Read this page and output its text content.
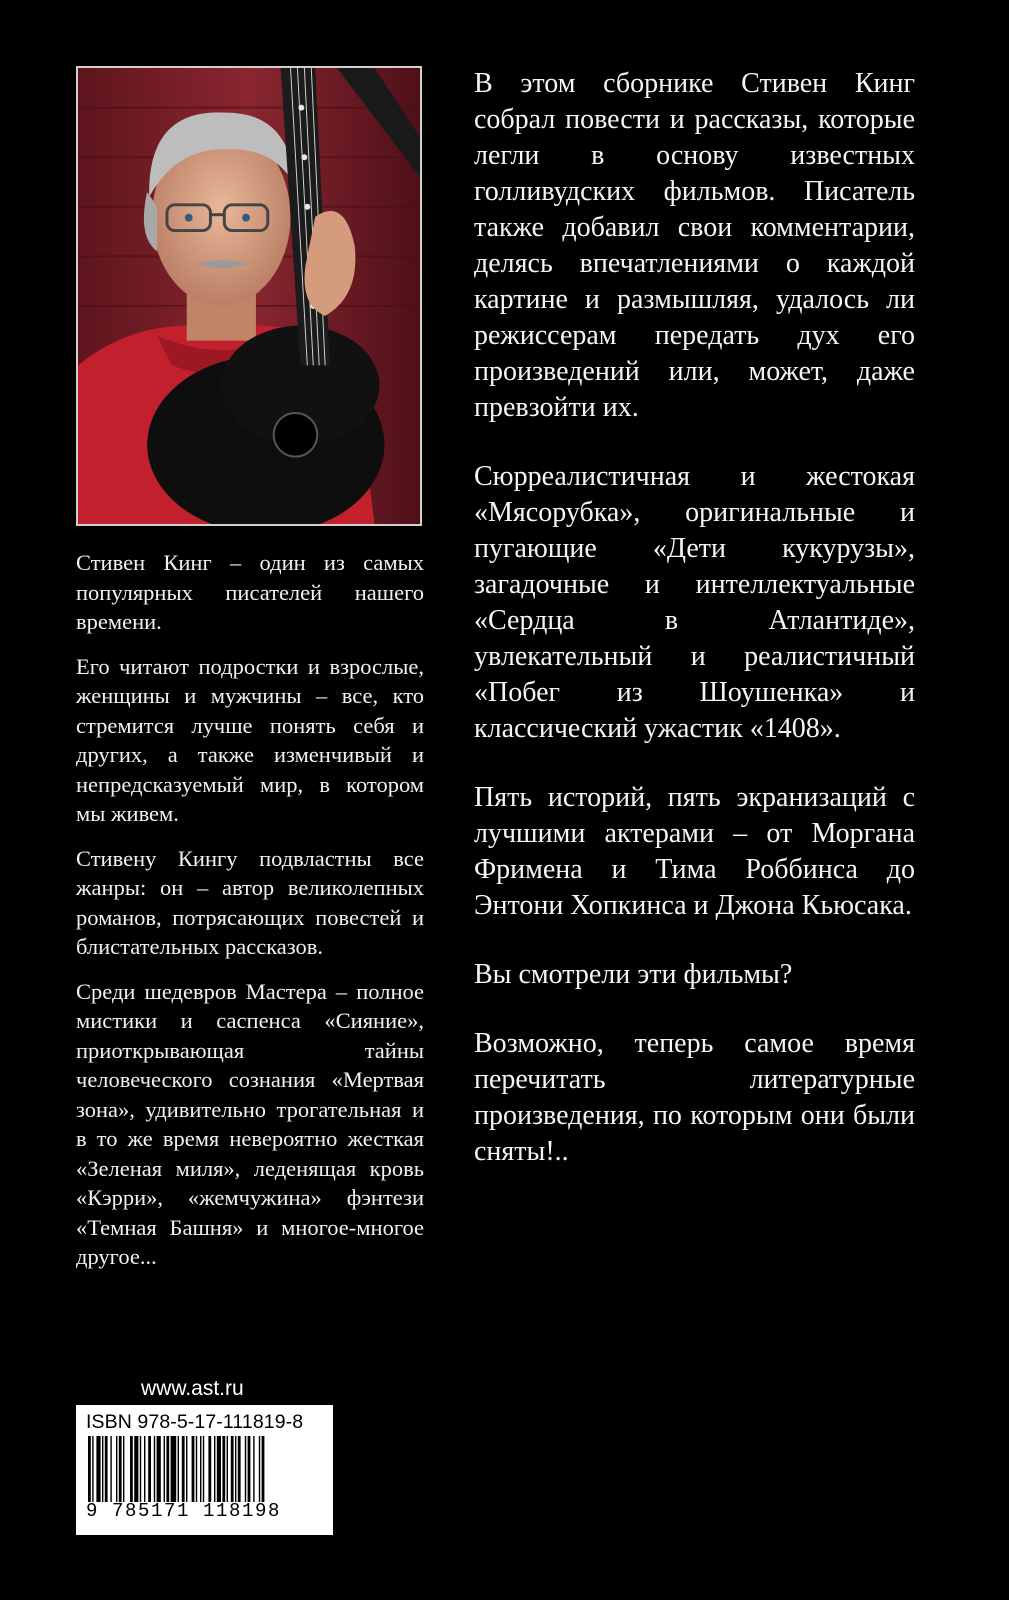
Стивен Кинг – один из самых популярных писателей нашего времени.

Его читают подростки и взрослые, женщины и мужчины – все, кто стремится лучше понять себя и других, а также изменчивый и непредсказуемый мир, в котором мы живем.

Стивену Кингу подвластны все жанры: он – автор великолепных романов, потрясающих повестей и блистательных рассказов.

Среди шедевров Мастера – полное мистики и саспенса «Сияние», приоткрывающая тайны человеческого сознания «Мертвая зона», удивительно трогательная и в то же время невероятно жесткая «Зеленая миля», леденящая кровь «Кэрри», «жемчужина» фэнтези «Темная Башня» и многое-многое другое...

В этом сборнике Стивен Кинг собрал повести и рассказы, которые легли в основу известных голливудских фильмов. Писатель также добавил свои комментарии, делясь впечатлениями о каждой картине и размышляя, удалось ли режиссерам передать дух его произведений или, может, даже превзойти их.

Сюрреалистичная и жестокая «Мясорубка», оригинальные и пугающие «Дети кукурузы», загадочные и интеллектуальные «Сердца в Атлантиде», увлекательный и реалистичный «Побег из Шоушенка» и классический ужастик «1408».

Пять историй, пять экранизаций с лучшими актерами – от Моргана Фримена и Тима Роббинса до Энтони Хопкинса и Джона Кьюсака.

Вы смотрели эти фильмы?

Возможно, теперь самое время перечитать литературные произведения, по которым они были сняты!..

www.ast.ru
ISBN 978-5-17-111819-8
9 785171 118198
